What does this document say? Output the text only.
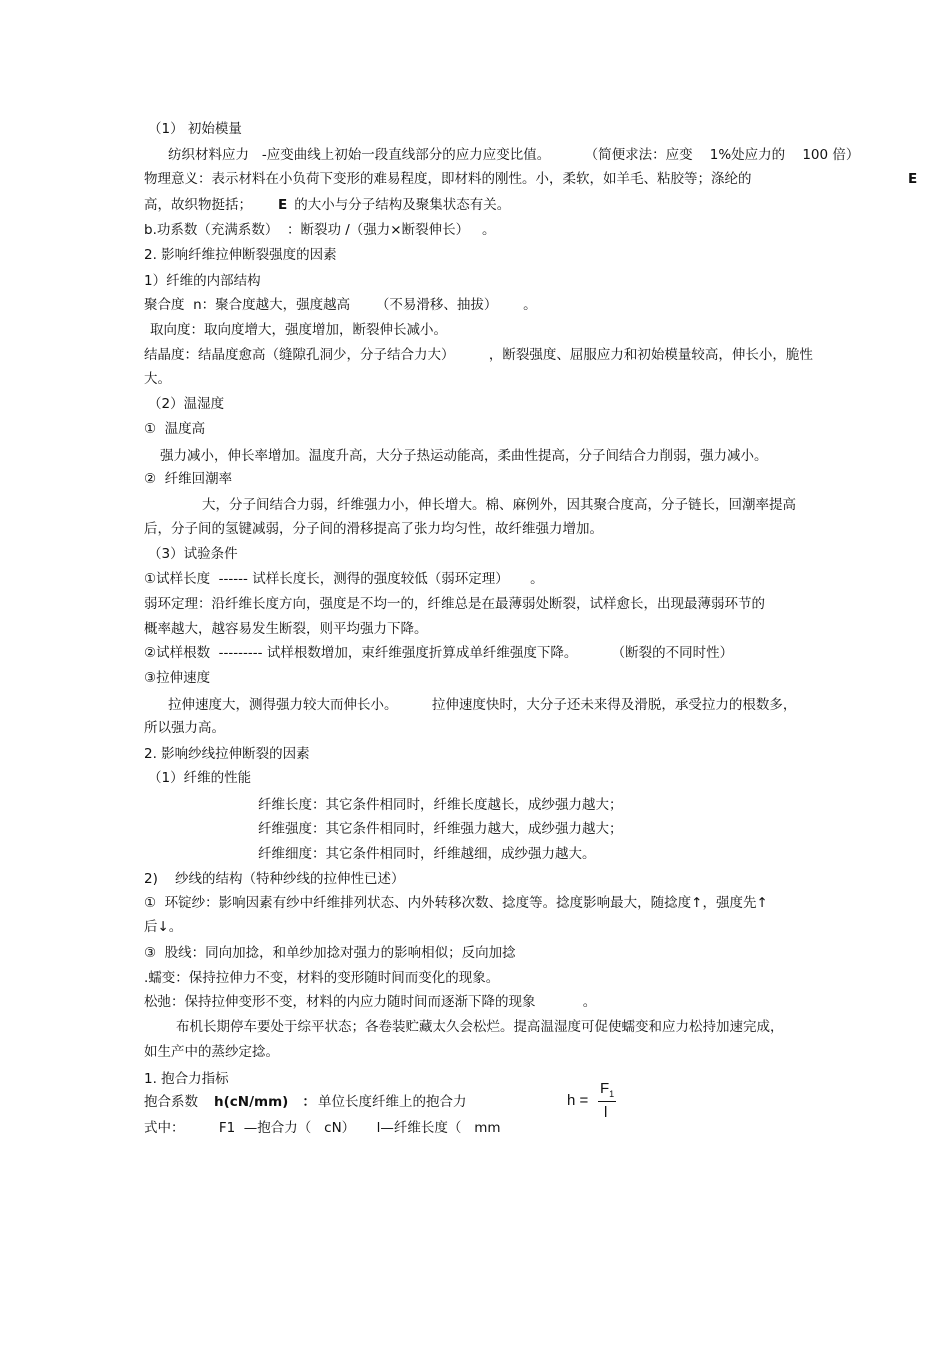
（1） 初始模量
纺织材料应力   -应变曲线上初始一段直线部分的应力应变比值。        （简便求法：应变    1%处应力的    100 倍）
物理意义：表示材料在小负荷下变形的难易程度，即材料的刚性。小，柔软，如羊毛、粘胶等；涤纶的
高，故织物挺括；
b.功系数（充满系数）  ：断裂功 /（强力×断裂伸长）   。
2. 影响纤维拉伸断裂强度的因素
1）纤维的内部结构
聚合度  n：聚合度越大，强度越高      （不易滑移、抽拔）      。
取向度：取向度增大，强度增加，断裂伸长减小。
结晶度：结晶度愈高（缝隙孔洞少，分子结合力大）        ，断裂强度、屈服应力和初始模量较高，伸长小，脆性
大。
（2）温湿度
①  温度高
强力减小，伸长率增加。温度升高，大分子热运动能高，柔曲性提高，分子间结合力削弱，强力减小。
②  纤维回潮率
大，分子间结合力弱，纤维强力小，伸长增大。棉、麻例外，因其聚合度高，分子链长，回潮率提高
后，分子间的氢键减弱，分子间的滑移提高了张力均匀性，故纤维强力增加。
（3）试验条件
①试样长度  ------ 试样长度长，测得的强度较低（弱环定理）     。
弱环定理：沿纤维长度方向，强度是不均一的，纤维总是在最薄弱处断裂，试样愈长，出现最薄弱环节的
概率越大，越容易发生断裂，则平均强力下降。
②试样根数  --------- 试样根数增加，束纤维强度折算成单纤维强度下降。        （断裂的不同时性）
③拉伸速度
拉伸速度大，测得强力较大而伸长小。        拉伸速度快时，大分子还未来得及滑脱，承受拉力的根数多，
所以强力高。
2. 影响纱线拉伸断裂的因素
（1）纤维的性能
纤维长度：其它条件相同时，纤维长度越长，成纱强力越大；
纤维强度：其它条件相同时，纤维强力越大，成纱强力越大；
纤维细度：其它条件相同时，纤维越细，成纱强力越大。
2)    纱线的结构（特种纱线的拉伸性已述）
①  环锭纱：影响因素有纱中纤维排列状态、内外转移次数、捻度等。捻度影响最大，随捻度↑，强度先↑
后↓。
③  股线：同向加捻，和单纱加捻对强力的影响相似；反向加捻
.蠕变：保持拉伸力不变，材料的变形随时间而变化的现象。
松弛：保持拉伸变形不变，材料的内应力随时间而逐渐下降的现象           。
布机长期停车要处于综平状态；各卷装贮藏太久会松烂。提高温湿度可促使蠕变和应力松持加速完成，
如生产中的蒸纱定捻。
1. 抱合力指标
抱合系数
式中：        F1  —抱合力（   cN）     l—纤维长度（   mm
E
E 的大小与分子结构及聚集状态有关。
h(cN/mm)   ： 单位长度纤维上的抱合力	h =
$F_1$
l
